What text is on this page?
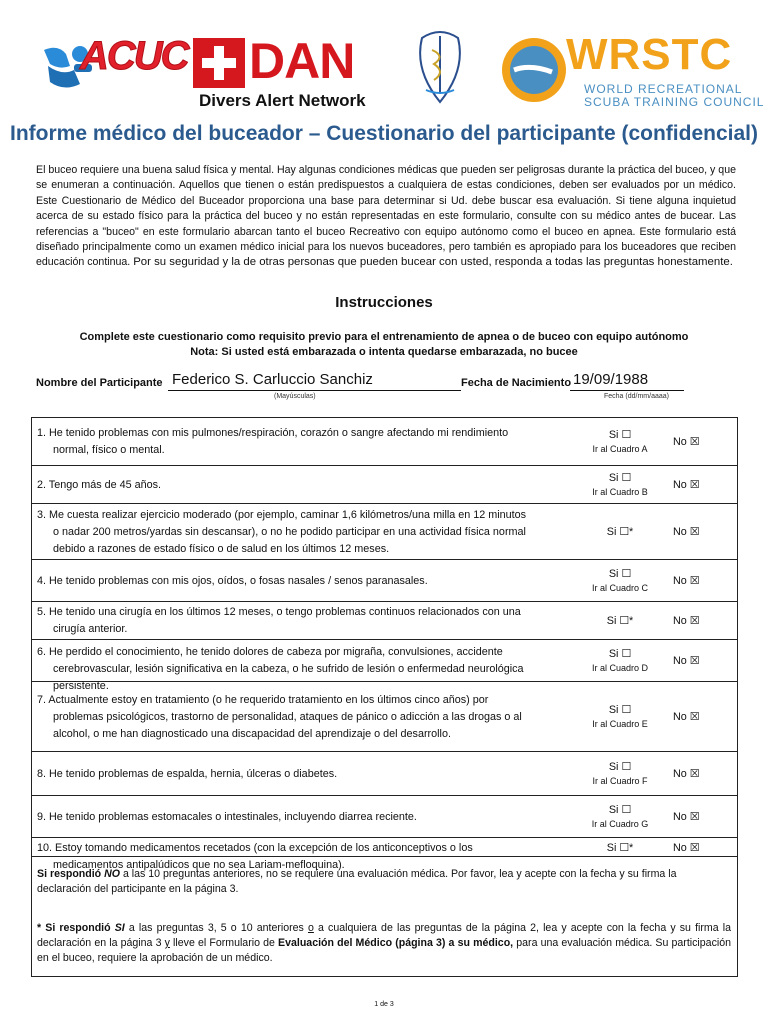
ACUC DAN
Divers Alert Network
WRSTC
WORLD RECREATIONAL
SCUBA TRAINING COUNCIL
Informe médico del buceador – Cuestionario del participante (confidencial)
El buceo requiere una buena salud física y mental. Hay algunas condiciones médicas que pueden ser peligrosas durante la práctica del buceo, y que se enumeran a continuación. Aquellos que tienen o están predispuestos a cualquiera de estas condiciones, deben ser evaluados por un médico. Este Cuestionario de Médico del Buceador proporciona una base para determinar si Ud. debe buscar esa evaluación. Si tiene alguna inquietud acerca de su estado físico para la práctica del buceo y no están representadas en este formulario, consulte con su médico antes de bucear. Las referencias a "buceo" en este formulario abarcan tanto el buceo Recreativo con equipo autónomo como el buceo en apnea. Este formulario está diseñado principalmente como un examen médico inicial para los nuevos buceadores, pero también es apropiado para los buceadores que reciben educación continua. Por su seguridad y la de otras personas que pueden bucear con usted, responda a todas las preguntas honestamente.
Instrucciones
Complete este cuestionario como requisito previo para el entrenamiento de apnea o de buceo con equipo autónomo
Nota: Si usted está embarazada o intenta quedarse embarazada, no bucee
Nombre del Participante Federico S. Carluccio Sanchiz
(Mayúsculas)
Fecha de Nacimiento 19/09/1988
Fecha (dd/mm/aaaa)
1. He tenido problemas con mis pulmones/respiración, corazón o sangre afectando mi rendimiento
normal, físico o mental.
Si ☐
Ir al Cuadro A
No ☒
2. Tengo más de 45 años.
Si ☐
Ir al Cuadro B
No ☒
3. Me cuesta realizar ejercicio moderado (por ejemplo, caminar 1,6 kilómetros/una milla en 12 minutos
o nadar 200 metros/yardas sin descansar), o no he podido participar en una actividad física normal
debido a razones de estado físico o de salud en los últimos 12 meses.
Si ☐*	No ☒
4. He tenido problemas con mis ojos, oídos, o fosas nasales / senos paranasales.
Si ☐
Ir al Cuadro C
No ☒
5. He tenido una cirugía en los últimos 12 meses, o tengo problemas continuos relacionados con una
cirugía anterior.
Si ☐*	No ☒
6. He perdido el conocimiento, he tenido dolores de cabeza por migraña, convulsiones, accidente
cerebrovascular, lesión significativa en la cabeza, o he sufrido de lesión o enfermedad neurológica persistente.
Si ☐
Ir al Cuadro D
No ☒
7. Actualmente estoy en tratamiento (o he requerido tratamiento en los últimos cinco años) por
problemas psicológicos, trastorno de personalidad, ataques de pánico o adicción a las drogas o al
alcohol, o me han diagnosticado una discapacidad del aprendizaje o del desarrollo.
Si ☐
Ir al Cuadro E
No ☒
8. He tenido problemas de espalda, hernia, úlceras o diabetes.
Si ☐
Ir al Cuadro F
No ☒
9. He tenido problemas estomacales o intestinales, incluyendo diarrea reciente.
Si ☐
Ir al Cuadro G
No ☒
10. Estoy tomando medicamentos recetados (con la excepción de los anticonceptivos o los
medicamentos antipalúdicos que no sea Lariam-mefloquina).
Si ☐*	No ☒
Si respondió NO a las 10 preguntas anteriores, no se requiere una evaluación médica. Por favor, lea y acepte con la fecha y su firma la declaración del participante en la página 3.
* Si respondió SI a las preguntas 3, 5 o 10 anteriores o a cualquiera de las preguntas de la página 2, lea y acepte con la fecha y su firma la declaración en la página 3 y lleve el Formulario de Evaluación del Médico (página 3) a su médico, para una evaluación médica. Su participación en el buceo, requiere la aprobación de un médico.
1 de 3
